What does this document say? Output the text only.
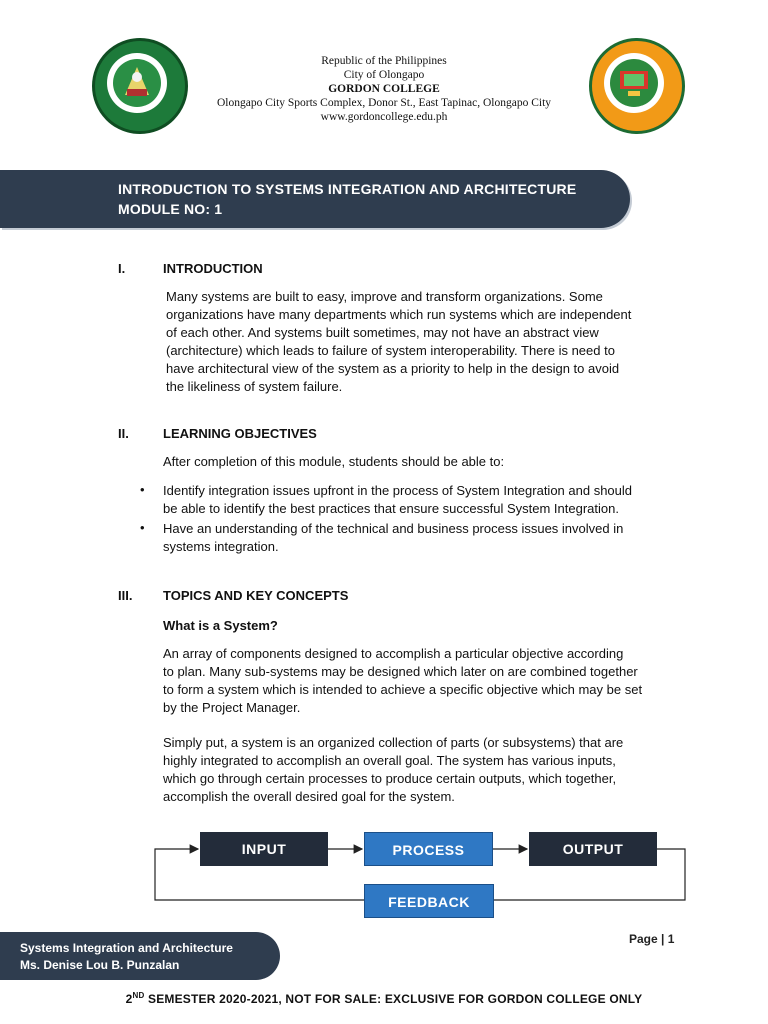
Republic of the Philippines
City of Olongapo
GORDON COLLEGE
Olongapo City Sports Complex, Donor St., East Tapinac, Olongapo City
www.gordoncollege.edu.ph
INTRODUCTION TO SYSTEMS INTEGRATION AND ARCHITECTURE
MODULE NO: 1
I.	INTRODUCTION
Many systems are built to easy, improve and transform organizations. Some
organizations have many departments which run systems which are independent
of each other. And systems built sometimes, may not have an abstract view
(architecture) which leads to failure of system interoperability. There is need to
have architectural view of the system as a priority to help in the design to avoid
the likeliness of system failure.
II.	LEARNING OBJECTIVES
After completion of this module, students should be able to:
• Identify integration issues upfront in the process of System Integration and should
be able to identify the best practices that ensure successful System Integration.
• Have an understanding of the technical and business process issues involved in
systems integration.
III. TOPICS AND KEY CONCEPTS
What is a System?
An array of components designed to accomplish a particular objective according
to plan. Many sub-systems may be designed which later on are combined together
to form a system which is intended to achieve a specific objective which may be set
by the Project Manager.
Simply put, a system is an organized collection of parts (or subsystems) that are
highly integrated to accomplish an overall goal. The system has various inputs,
which go through certain processes to produce certain outputs, which together,
accomplish the overall desired goal for the system.
INPUT	PROCESS	OUTPUT
FEEDBACK
Systems Integration and Architecture
Ms. Denise Lou B. Punzalan
Page | 1
2ND SEMESTER 2020-2021, NOT FOR SALE: EXCLUSIVE FOR GORDON COLLEGE ONLY
